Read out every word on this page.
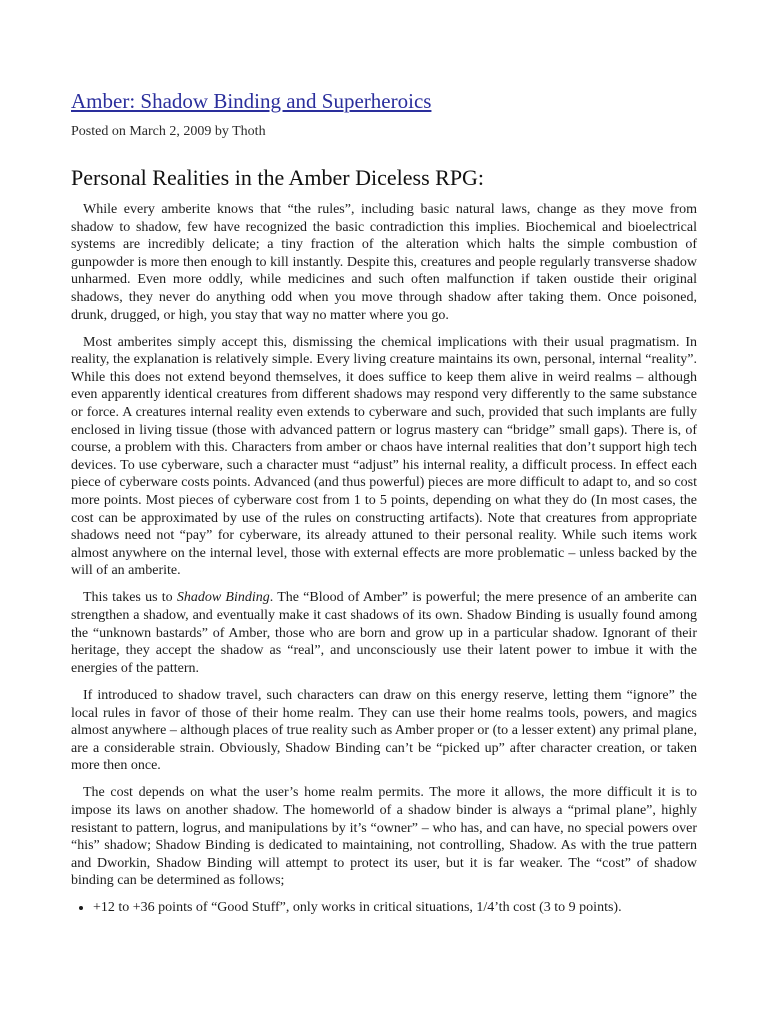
Amber: Shadow Binding and Superheroics
Posted on March 2, 2009 by Thoth
Personal Realities in the Amber Diceless RPG:

While every amberite knows that “the rules”, including basic natural laws, change as they move from shadow to shadow, few have recognized the basic contradiction this implies. Biochemical and bioelectrical systems are incredibly delicate; a tiny fraction of the alteration which halts the simple combustion of gunpowder is more then enough to kill instantly. Despite this, creatures and people regularly transverse shadow unharmed. Even more oddly, while medicines and such often malfunction if taken oustide their original shadows, they never do anything odd when you move through shadow after taking them. Once poisoned, drunk, drugged, or high, you stay that way no matter where you go.

Most amberites simply accept this, dismissing the chemical implications with their usual pragmatism. In reality, the explanation is relatively simple. Every living creature maintains its own, personal, internal “reality”. While this does not extend beyond themselves, it does suffice to keep them alive in weird realms – although even apparently identical creatures from different shadows may respond very differently to the same substance or force. A creatures internal reality even extends to cyberware and such, provided that such implants are fully enclosed in living tissue (those with advanced pattern or logrus mastery can “bridge” small gaps). There is, of course, a problem with this. Characters from amber or chaos have internal realities that don’t support high tech devices. To use cyberware, such a character must “adjust” his internal reality, a difficult process. In effect each piece of cyberware costs points. Advanced (and thus powerful) pieces are more difficult to adapt to, and so cost more points. Most pieces of cyberware cost from 1 to 5 points, depending on what they do (In most cases, the cost can be approximated by use of the rules on constructing artifacts). Note that creatures from appropriate shadows need not “pay” for cyberware, its already attuned to their personal reality. While such items work almost anywhere on the internal level, those with external effects are more problematic – unless backed by the will of an amberite.

This takes us to Shadow Binding. The “Blood of Amber” is powerful; the mere presence of an amberite can strengthen a shadow, and eventually make it cast shadows of its own. Shadow Binding is usually found among the “unknown bastards” of Amber, those who are born and grow up in a particular shadow. Ignorant of their heritage, they accept the shadow as “real”, and unconsciously use their latent power to imbue it with the energies of the pattern.

If introduced to shadow travel, such characters can draw on this energy reserve, letting them “ignore” the local rules in favor of those of their home realm. They can use their home realms tools, powers, and magics almost anywhere – although places of true reality such as Amber proper or (to a lesser extent) any primal plane, are a considerable strain. Obviously, Shadow Binding can’t be “picked up” after character creation, or taken more then once.

The cost depends on what the user’s home realm permits. The more it allows, the more difficult it is to impose its laws on another shadow. The homeworld of a shadow binder is always a “primal plane”, highly resistant to pattern, logrus, and manipulations by it’s “owner” – who has, and can have, no special powers over “his” shadow; Shadow Binding is dedicated to maintaining, not controlling, Shadow. As with the true pattern and Dworkin, Shadow Binding will attempt to protect its user, but it is far weaker. The “cost” of shadow binding can be determined as follows;

• +12 to +36 points of “Good Stuff”, only works in critical situations, 1/4’th cost (3 to 9 points).
